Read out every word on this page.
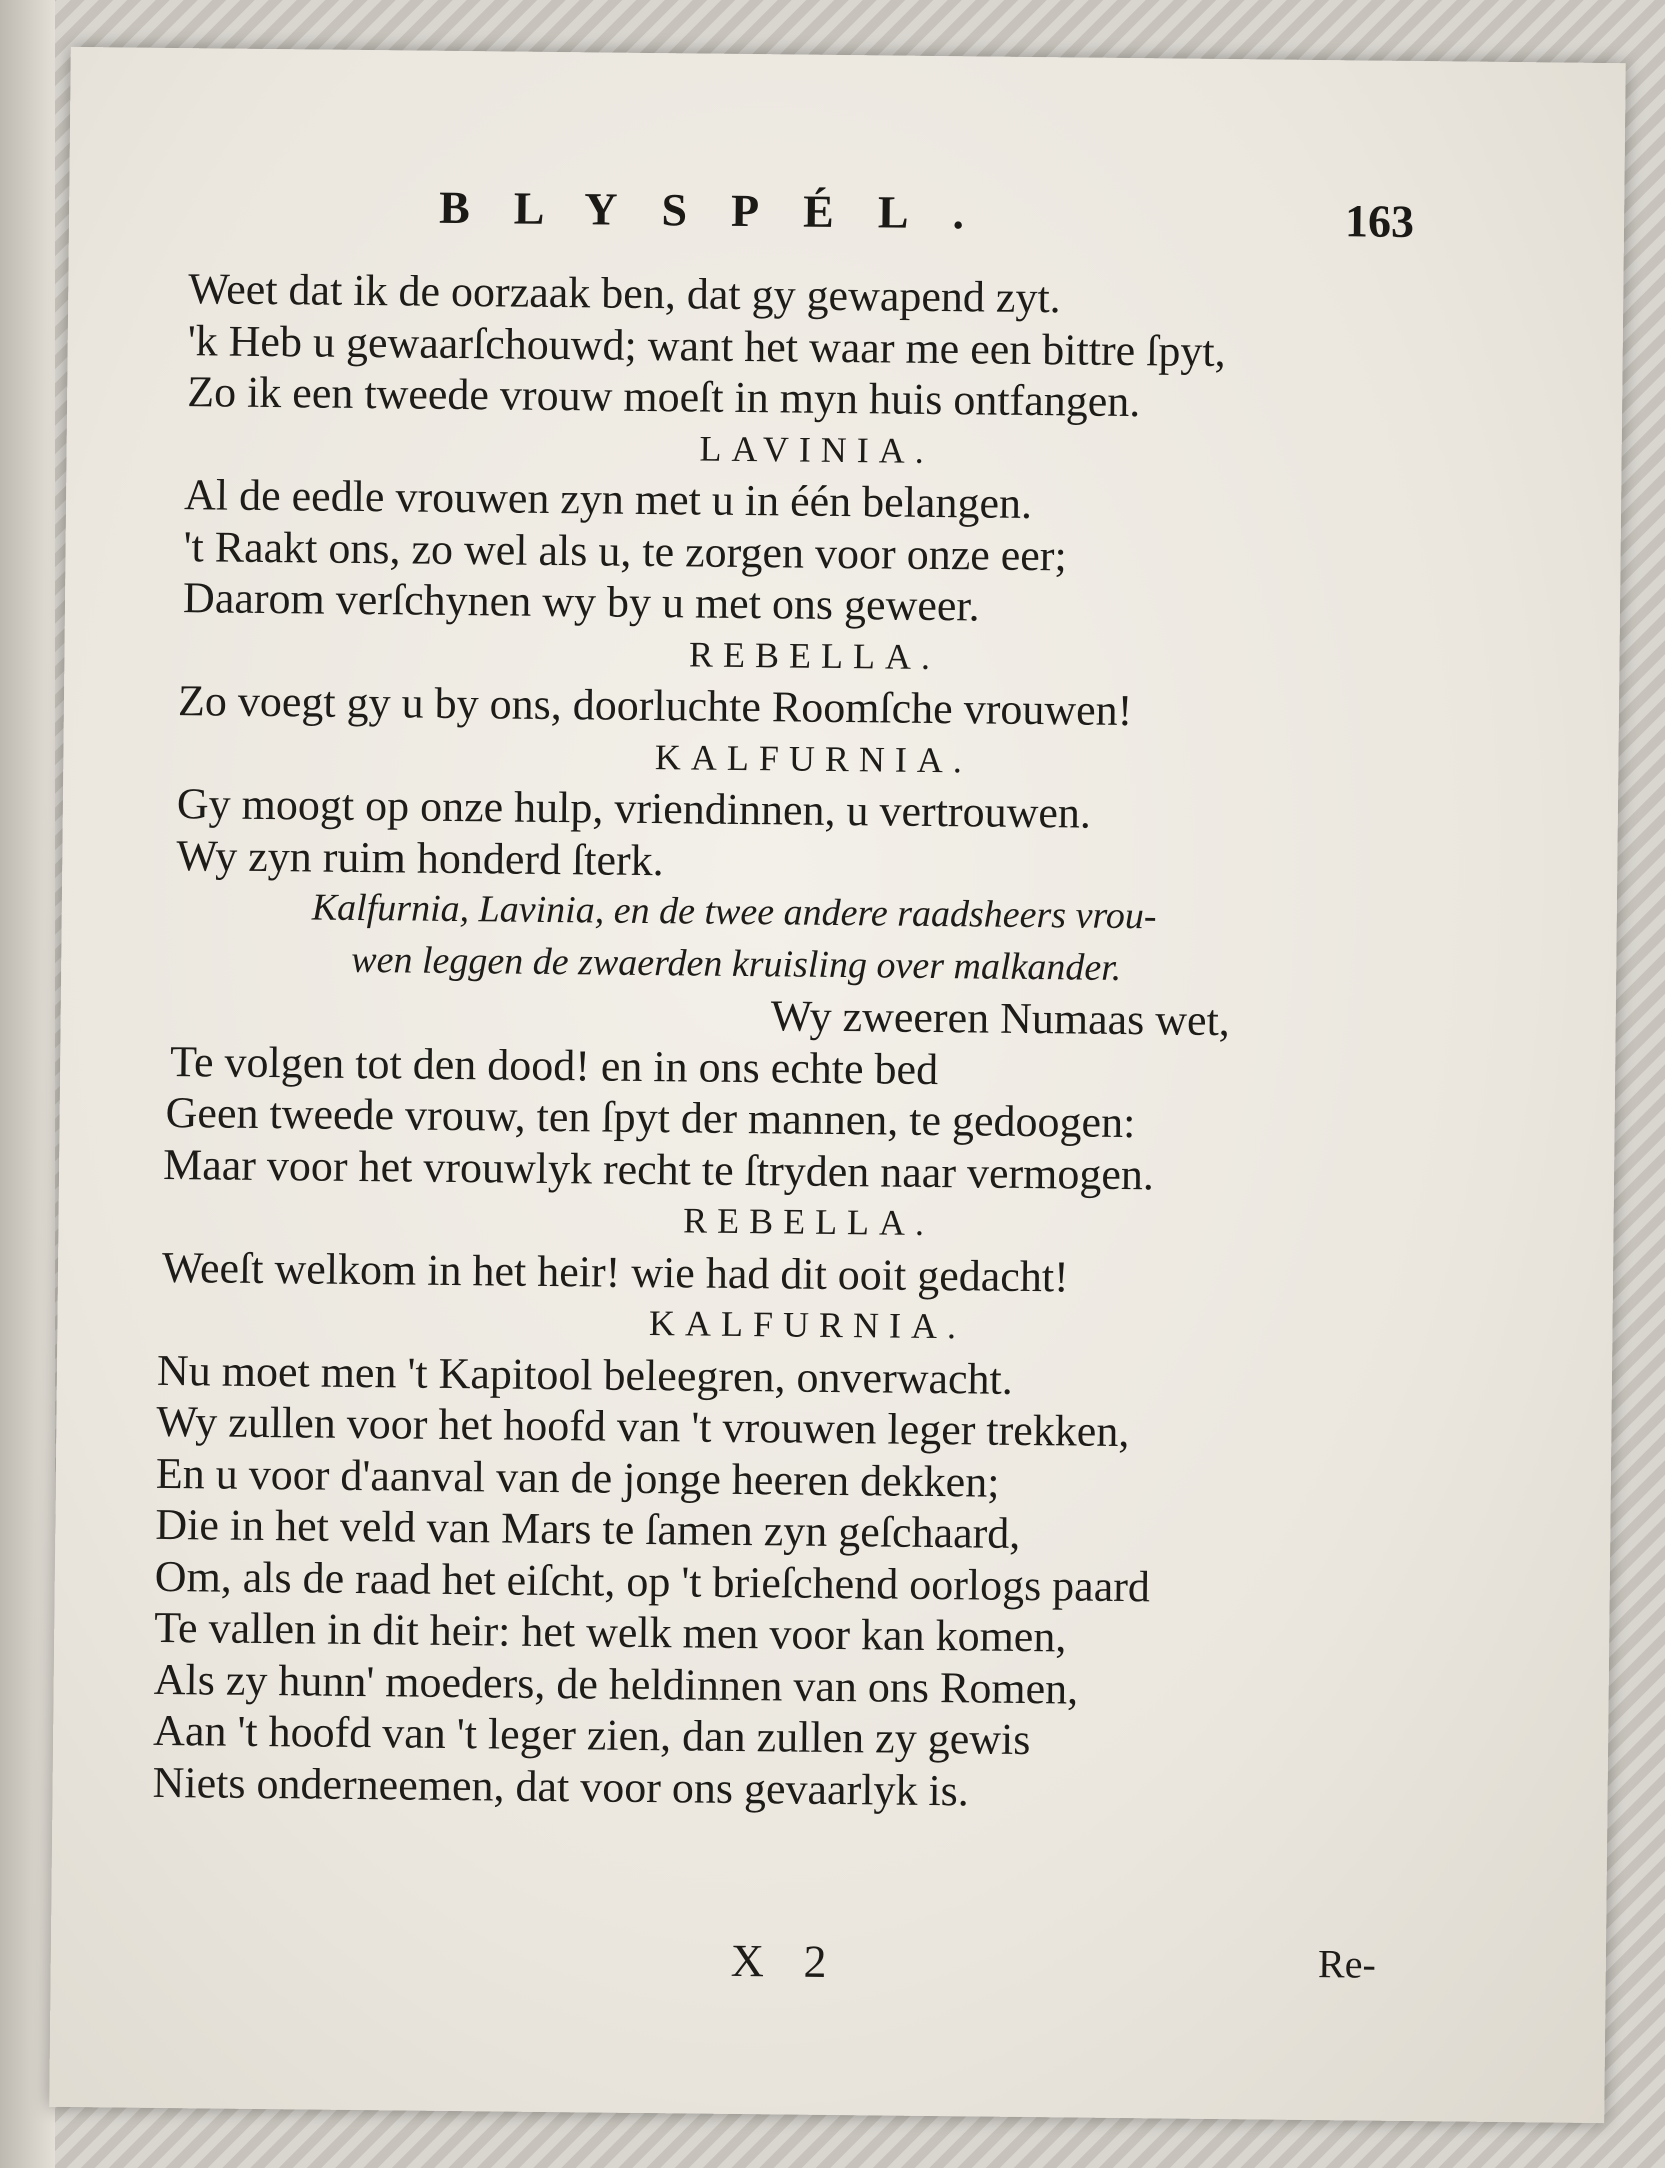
BLYSPÉL.	163
Weet dat ik de oorzaak ben, dat gy gewapend zyt.
'k Heb u gewaarſchouwd; want het waar me een bittre ſpyt,
Zo ik een tweede vrouw moeſt in myn huis ontfangen.
LAVINIA.
Al de eedle vrouwen zyn met u in één belangen.
't Raakt ons, zo wel als u, te zorgen voor onze eer;
Daarom verſchynen wy by u met ons geweer.
REBELLA.
Zo voegt gy u by ons, doorluchte Roomſche vrouwen!
KALFURNIA.
Gy moogt op onze hulp, vriendinnen, u vertrouwen.
Wy zyn ruim honderd ſterk.
Kalfurnia, Lavinia, en de twee andere raadsheers vrou-
wen leggen de zwaerden kruisling over malkander.
Wy zweeren Numaas wet,
Te volgen tot den dood! en in ons echte bed
Geen tweede vrouw, ten ſpyt der mannen, te gedoogen:
Maar voor het vrouwlyk recht te ſtryden naar vermogen.
REBELLA.
Weeſt welkom in het heir! wie had dit ooit gedacht!
KALFURNIA.
Nu moet men 't Kapitool beleegren, onverwacht.
Wy zullen voor het hoofd van 't vrouwen leger trekken,
En u voor d'aanval van de jonge heeren dekken;
Die in het veld van Mars te ſamen zyn geſchaard,
Om, als de raad het eiſcht, op 't brieſchend oorlogs paard
Te vallen in dit heir: het welk men voor kan komen,
Als zy hunn' moeders, de heldinnen van ons Romen,
Aan 't hoofd van 't leger zien, dan zullen zy gewis
Niets onderneemen, dat voor ons gevaarlyk is.
X 2	Re-
